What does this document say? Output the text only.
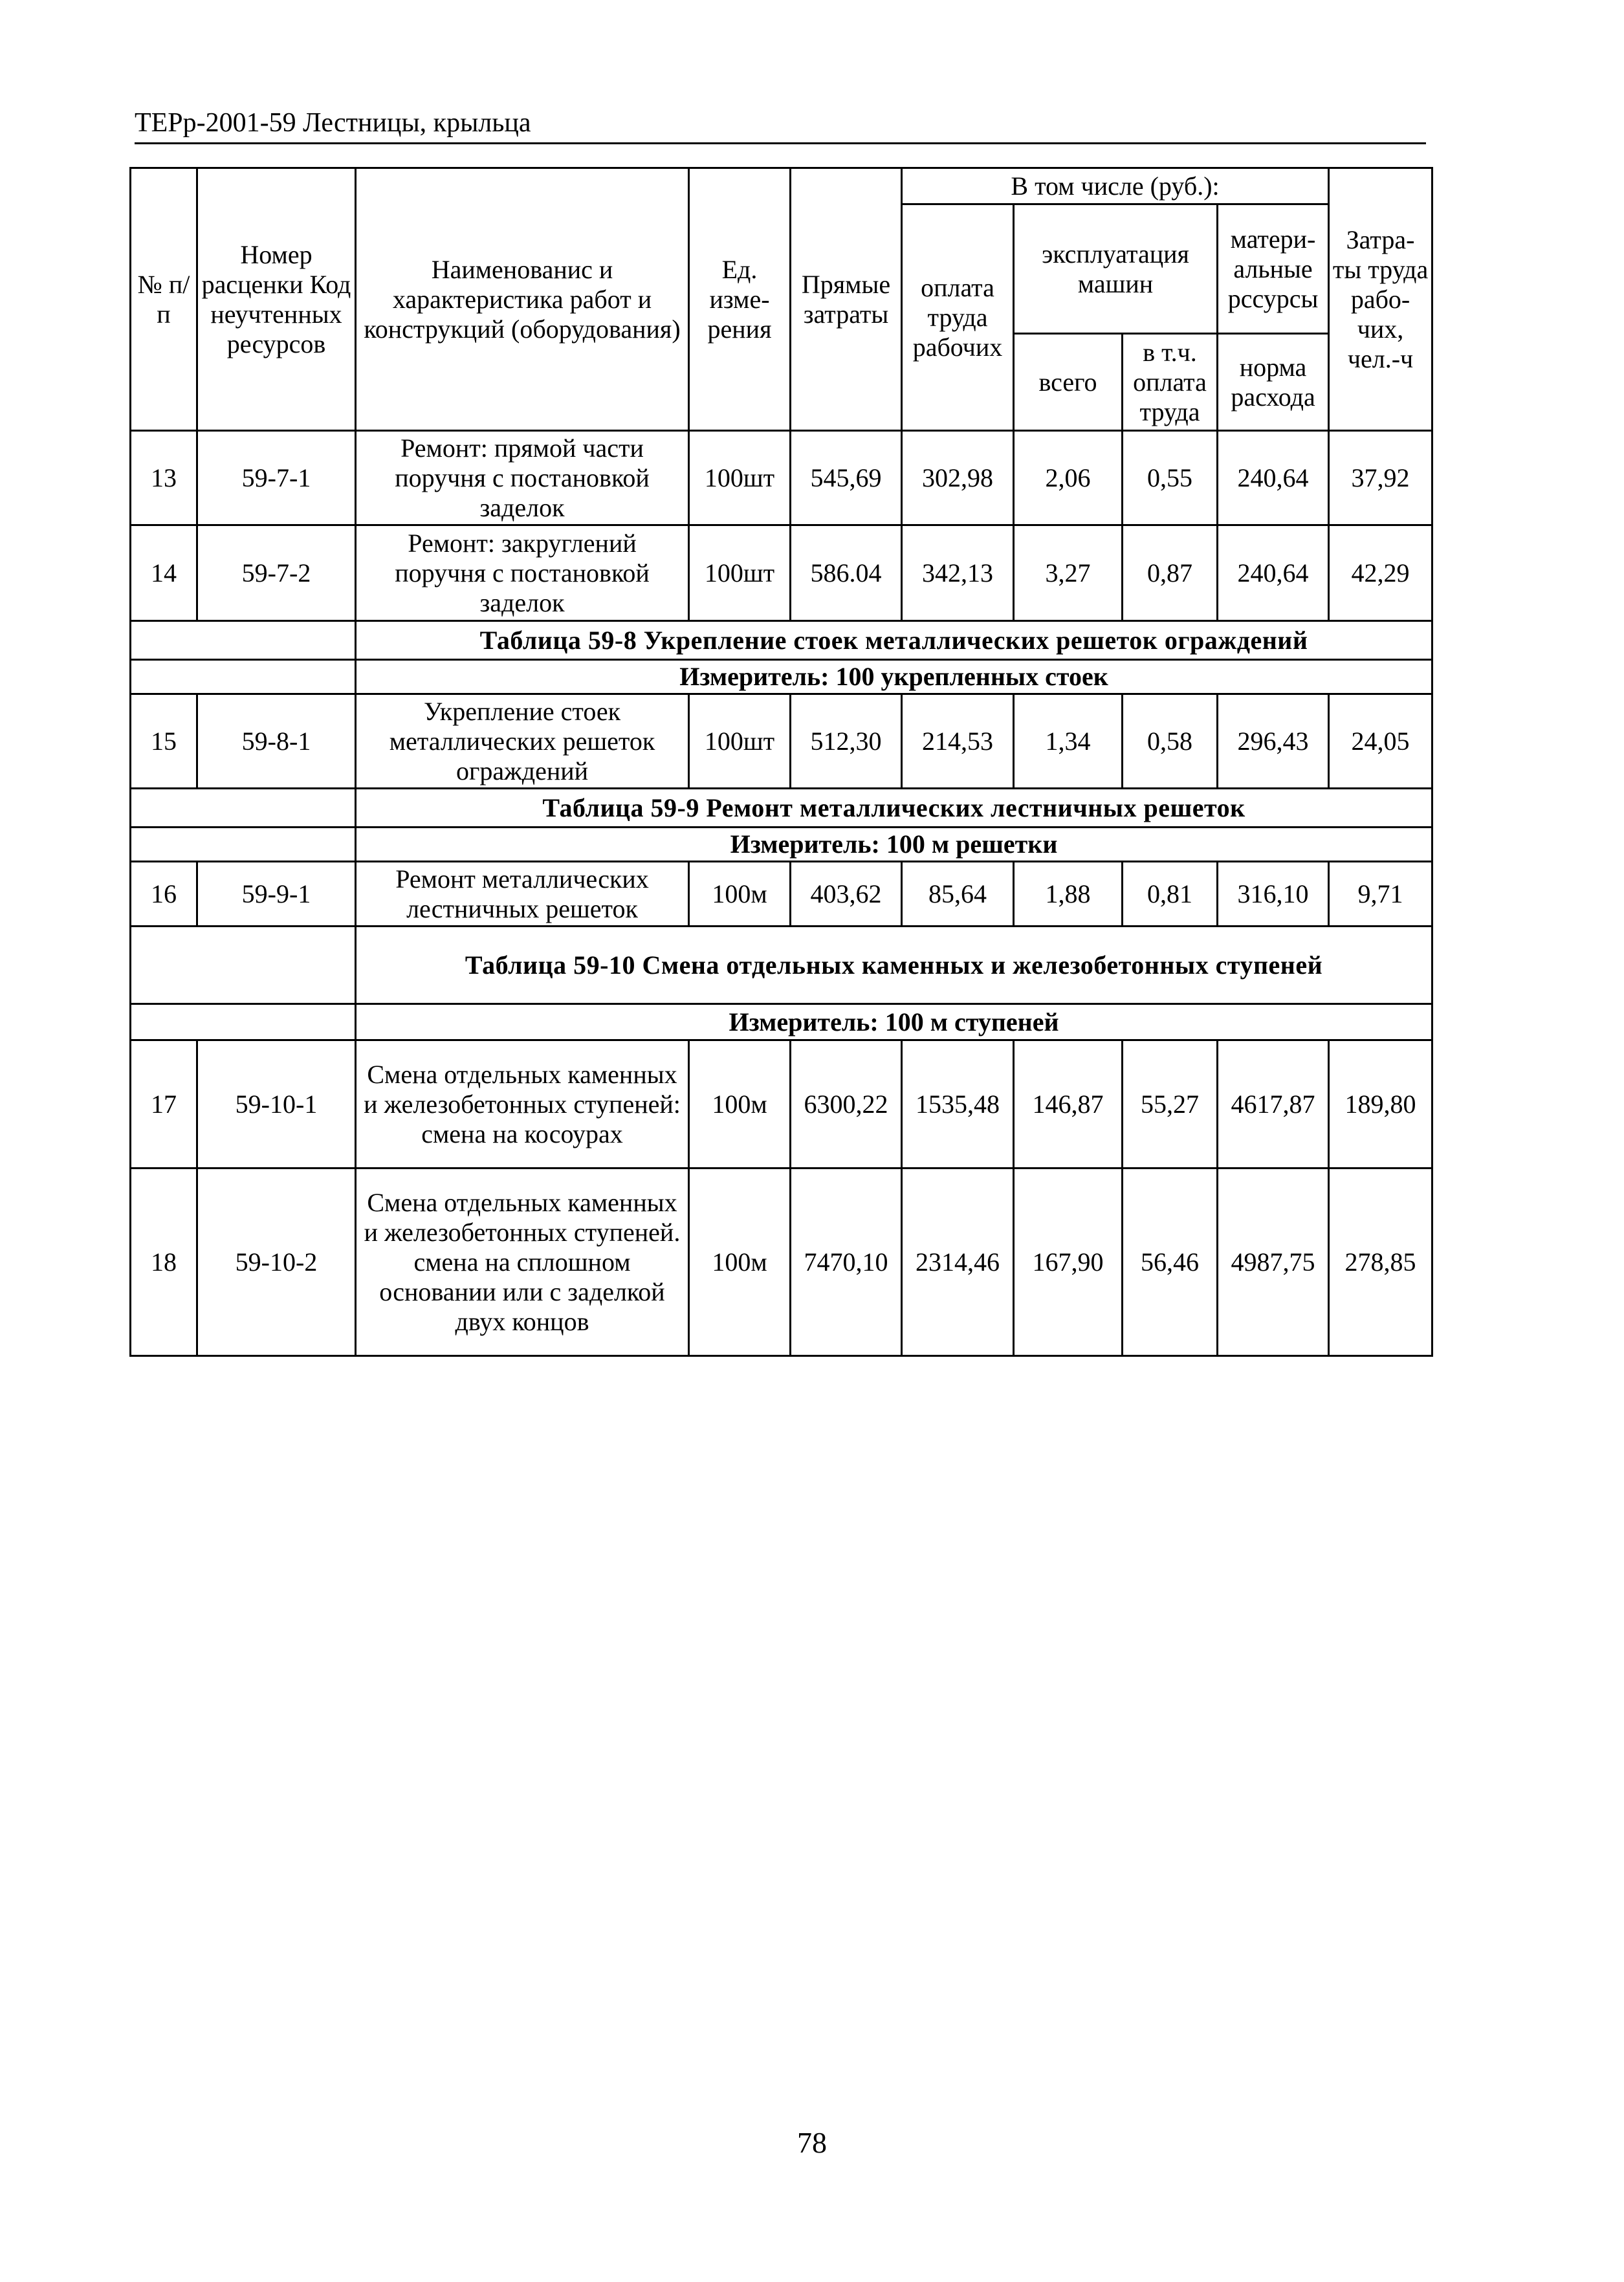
ТЕРр-2001-59 Лестницы, крыльца
№ п/п	Номер расценки Код неучтенных ресурсов	Наименованис и характеристика работ и конструкций (оборудования)	Ед. изме-рения	Прямые затраты	В том числе (руб.):				Затра-ты труда рабо-чих, чел.-ч
					оплата труда рабочих	эксплуатация машин		матери-альные рссурсы	
						всего	в т.ч. оплата труда	норма расхода	

13	59-7-1	Ремонт: прямой части поручня с постановкой заделок	100шт	545,69	302,98	2,06	0,55	240,64	37,92
14	59-7-2	Ремонт: закруглений поручня с постановкой заделок	100шт	586.04	342,13	3,27	0,87	240,64	42,29
		Таблица 59-8 Укрепление стоек металлических решеток ограждений							
		Измеритель: 100 укрепленных стоек							
15	59-8-1	Укрепление стоек металлических решеток ограждений	100шт	512,30	214,53	1,34	0,58	296,43	24,05
		Таблица 59-9 Ремонт металлических лестничных решеток							
		Измеритель: 100 м решетки							
16	59-9-1	Ремонт металлических лестничных решеток	100м	403,62	85,64	1,88	0,81	316,10	9,71
		Таблица 59-10 Смена отдельных каменных и железобетонных ступеней							
		Измеритель: 100 м ступеней							
17	59-10-1	Смена отдельных каменных и железобетонных ступеней: смена на косоурах	100м	6300,22	1535,48	146,87	55,27	4617,87	189,80
18	59-10-2	Смена отдельных каменных и железобетонных ступеней. смена на сплошном основании или с заделкой двух концов	100м	7470,10	2314,46	167,90	56,46	4987,75	278,85
78
